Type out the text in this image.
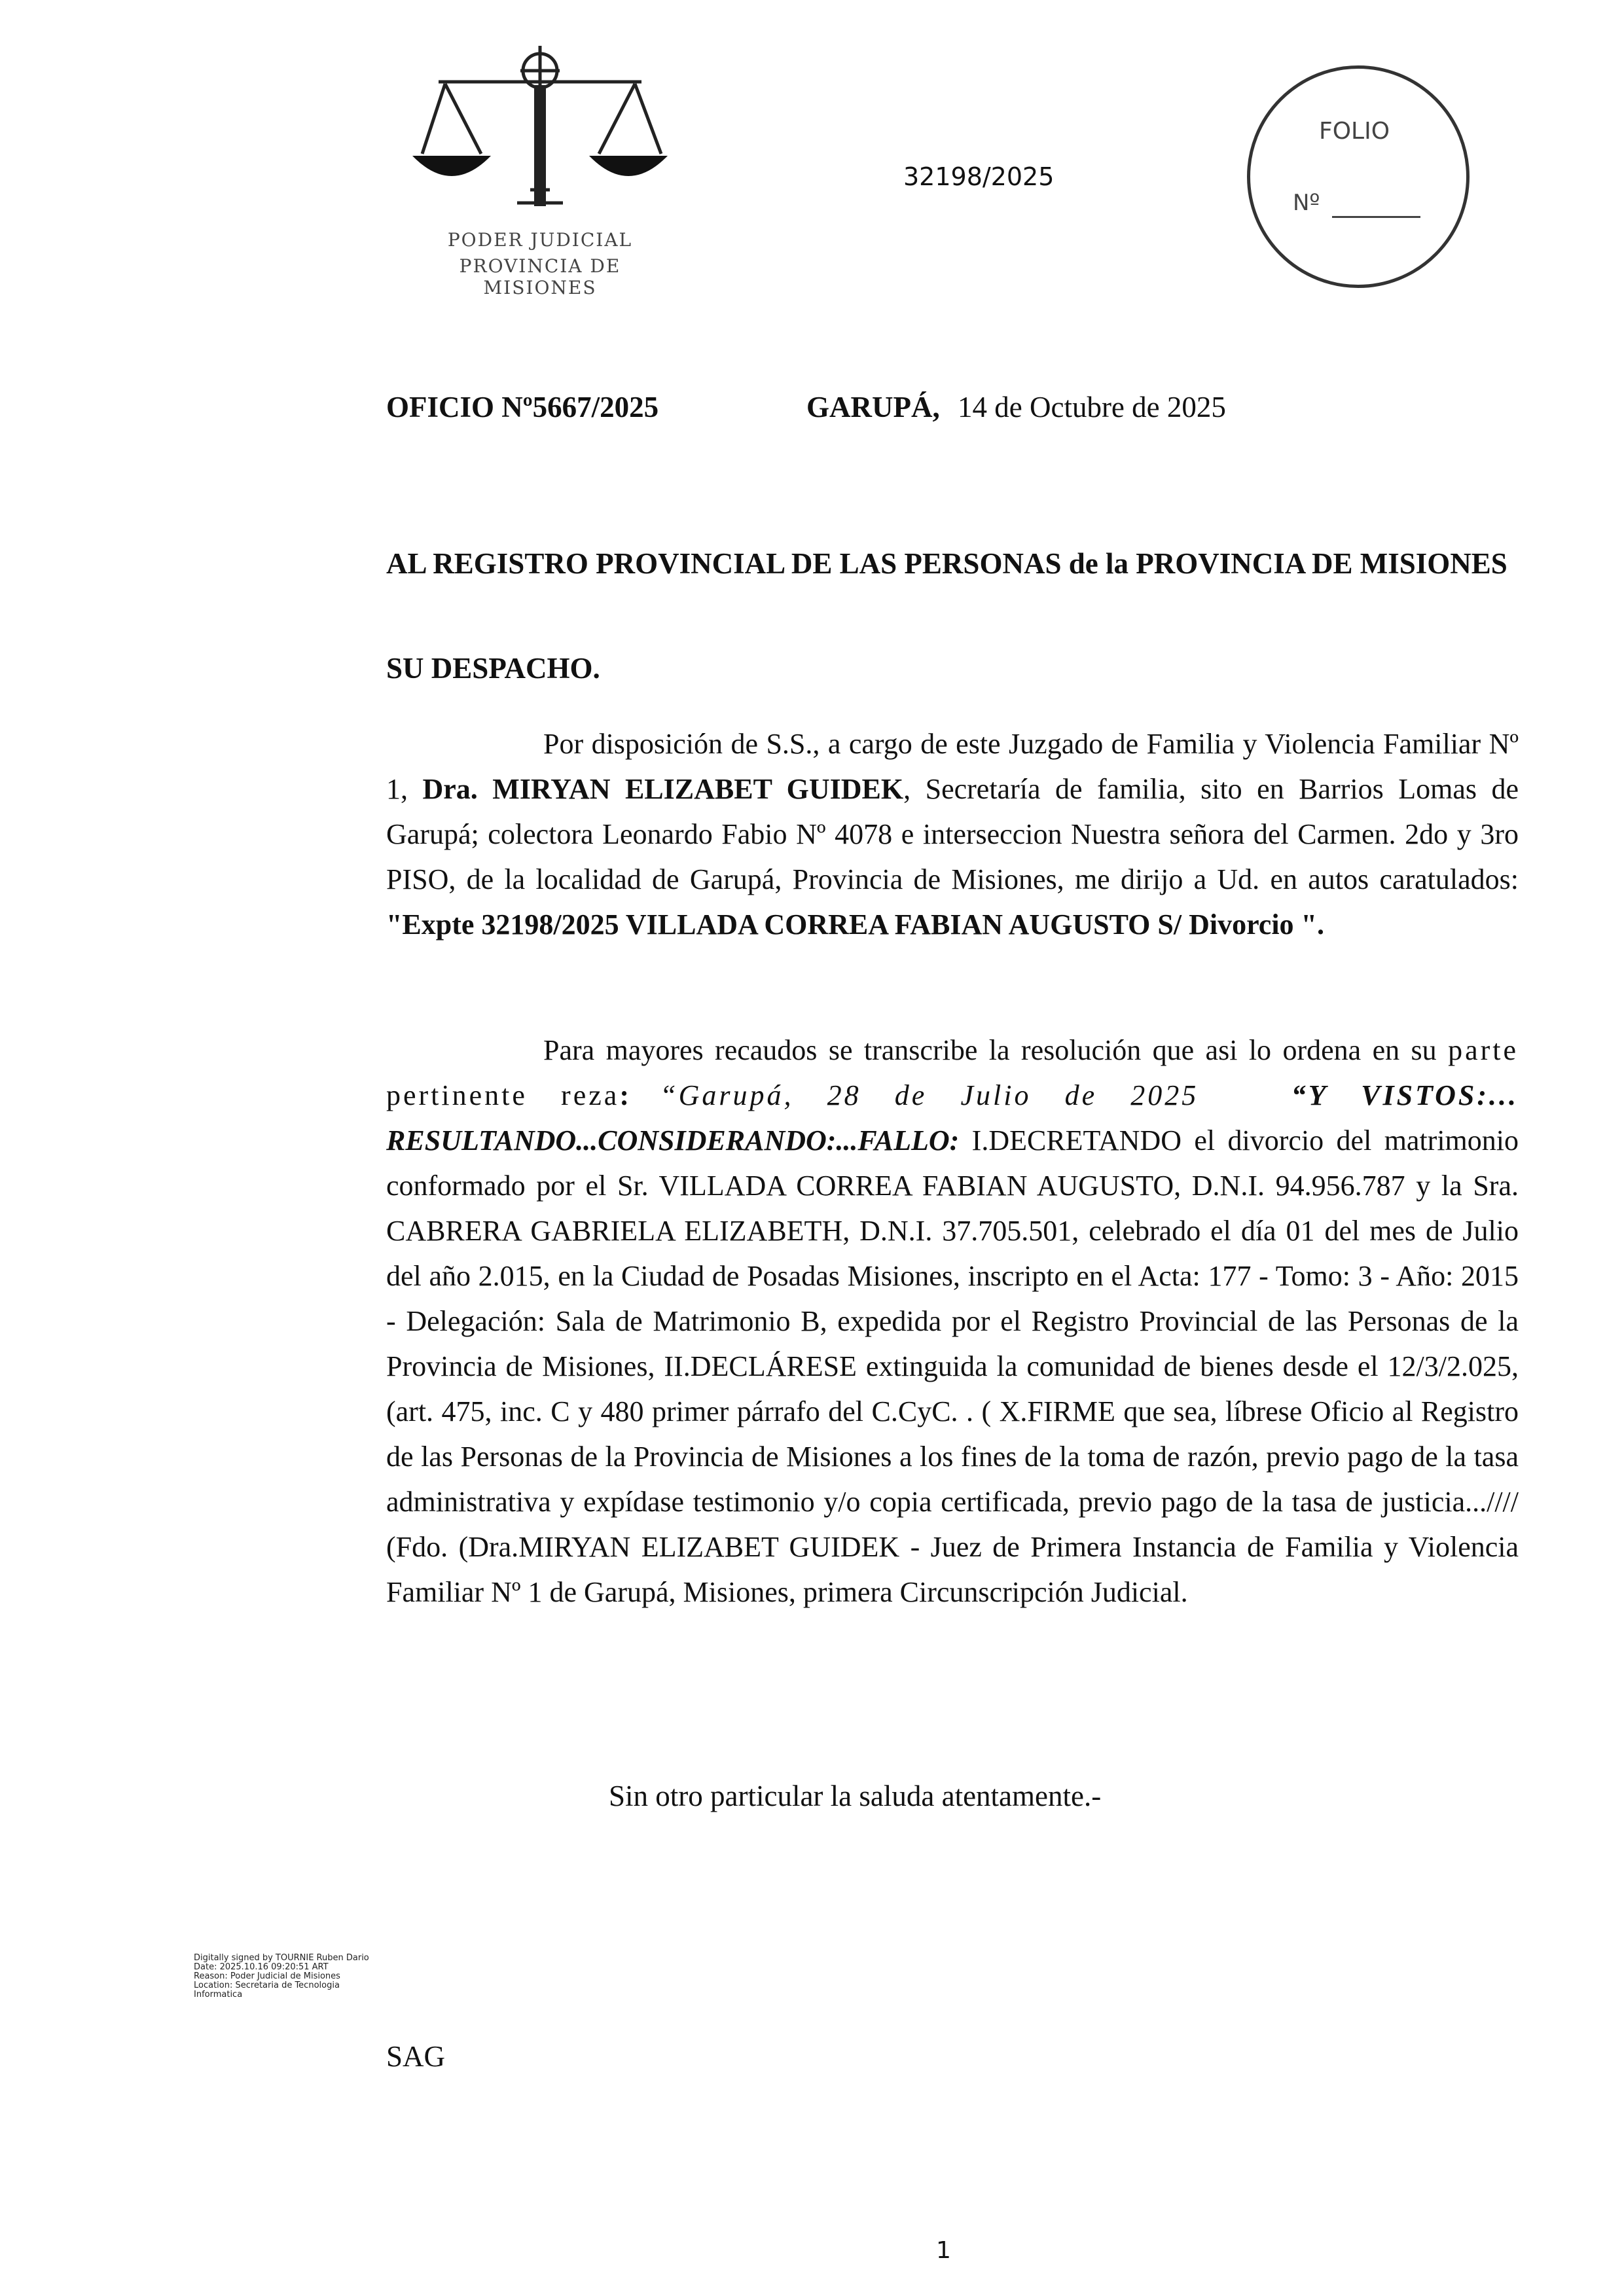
PODER JUDICIAL
PROVINCIA DE MISIONES
32198/2025
FOLIO
Nº
OFICIO Nº5667/2025	GARUPÁ, 14 de Octubre de 2025
AL REGISTRO PROVINCIAL DE LAS PERSONAS de la PROVINCIA DE MISIONES
SU DESPACHO.
Por disposición de S.S., a cargo de este Juzgado de Familia y Violencia Familiar Nº 1, Dra. MIRYAN ELIZABET GUIDEK, Secretaría de familia, sito en Barrios Lomas de Garupá; colectora Leonardo Fabio Nº 4078 e interseccion Nuestra señora del Carmen. 2do y 3ro PISO, de la localidad de Garupá, Provincia de Misiones, me dirijo a Ud. en autos caratulados: "Expte 32198/2025 VILLADA CORREA FABIAN AUGUSTO S/ Divorcio ".
Para mayores recaudos se transcribe la resolución que asi lo ordena en su parte pertinente reza: “Garupá, 28 de Julio de 2025	“Y VISTOS:... RESULTANDO...CONSIDERANDO:...FALLO: I.DECRETANDO el divorcio del matrimonio conformado por el Sr. VILLADA CORREA FABIAN AUGUSTO, D.N.I. 94.956.787 y la Sra. CABRERA GABRIELA ELIZABETH, D.N.I. 37.705.501, celebrado el día 01 del mes de Julio del año 2.015, en la Ciudad de Posadas Misiones, inscripto en el Acta: 177 - Tomo: 3 - Año: 2015 - Delegación: Sala de Matrimonio B, expedida por el Registro Provincial de las Personas de la Provincia de Misiones, II.DECLÁRESE extinguida la comunidad de bienes desde el 12/3/2.025, (art. 475, inc. C y 480 primer párrafo del C.CyC. . ( X.FIRME que sea, líbrese Oficio al Registro de las Personas de la Provincia de Misiones a los fines de la toma de razón, previo pago de la tasa administrativa y expídase testimonio y/o copia certificada, previo pago de la tasa de justicia...//// (Fdo. (Dra.MIRYAN ELIZABET GUIDEK - Juez de Primera Instancia de Familia y Violencia Familiar Nº 1 de Garupá, Misiones, primera Circunscripción Judicial.
Sin otro particular la saluda atentamente.-
Digitally signed by TOURNIE Ruben Dario
Date: 2025.10.16 09:20:51 ART
Reason: Poder Judicial de Misiones
Location: Secretaria de Tecnologia
Informatica
SAG
1
